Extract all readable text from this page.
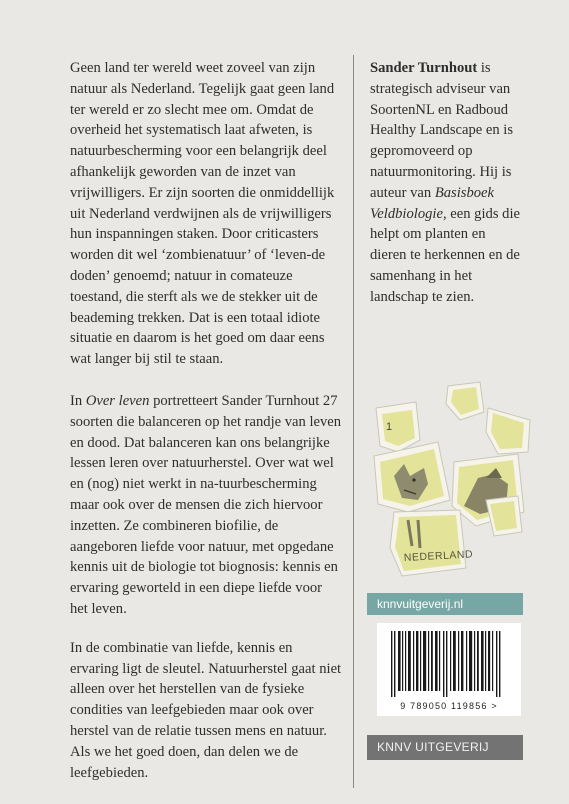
Geen land ter wereld weet zoveel van zijn natuur als Nederland. Tegelijk gaat geen land ter wereld er zo slecht mee om. Omdat de overheid het systematisch laat afweten, is natuurbescherming voor een belangrijk deel afhankelijk geworden van de inzet van vrijwilligers. Er zijn soorten die onmiddellijk uit Nederland verdwijnen als de vrijwilligers hun inspanningen staken. Door criticasters worden dit wel ‘zombienatuur’ of ‘leven-de doden’ genoemd; natuur in comateuze toestand, die sterft als we de stekker uit de beademing trekken. Dat is een totaal idiote situatie en daarom is het goed om daar eens wat langer bij stil te staan.

In Over leven portretteert Sander Turnhout 27 soorten die balanceren op het randje van leven en dood. Dat balanceren kan ons belangrijke lessen leren over natuurherstel. Over wat wel en (nog) niet werkt in na-tuurbescherming maar ook over de mensen die zich hiervoor inzetten. Ze combineren biofilie, de aangeboren liefde voor natuur, met opgedane kennis uit de biologie tot biognosis: kennis en ervaring geworteld in een diepe liefde voor het leven.

In de combinatie van liefde, kennis en ervaring ligt de sleutel. Natuurherstel gaat niet alleen over het herstellen van de fysieke condities van leefgebieden maar ook over herstel van de relatie tussen mens en natuur. Als we het goed doen, dan delen we de leefgebieden.

Sander Turnhout is strategisch adviseur van SoortenNL en Radboud Healthy Landscape en is gepromoveerd op natuurmonitoring. Hij is auteur van Basisboek Veldbiologie, een gids die helpt om planten en dieren te herkennen en de samenhang in het landschap te zien.

1
NEDERLAND
knnvuitgeverij.nl
9 789050 119856 >
KNNV UITGEVERIJ
